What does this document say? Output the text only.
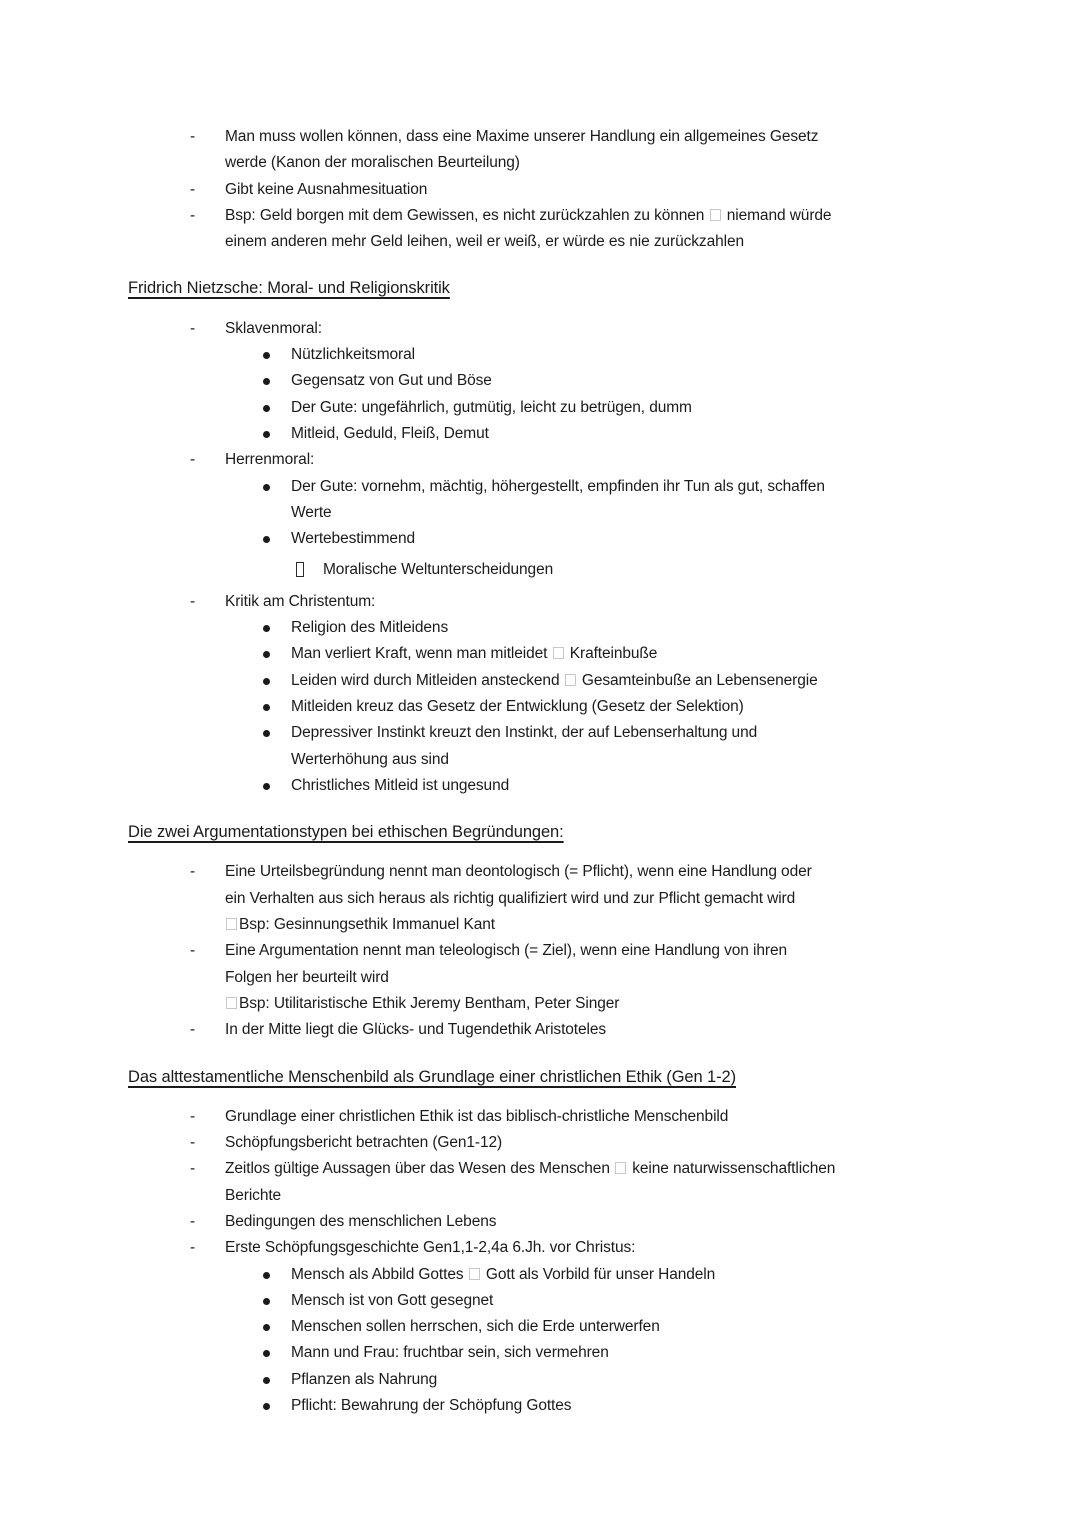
- Man muss wollen können, dass eine Maxime unserer Handlung ein allgemeines Gesetz
werde (Kanon der moralischen Beurteilung)
- Gibt keine Ausnahmesituation
- Bsp: Geld borgen mit dem Gewissen, es nicht zurückzahlen zu können  niemand würde
einem anderen mehr Geld leihen, weil er weiß, er würde es nie zurückzahlen
Fridrich Nietzsche: Moral- und Religionskritik
- Sklavenmoral:
Nützlichkeitsmoral
Gegensatz von Gut und Böse
Der Gute: ungefährlich, gutmütig, leicht zu betrügen, dumm
Mitleid, Geduld, Fleiß, Demut
- Herrenmoral:
Der Gute: vornehm, mächtig, höhergestellt, empfinden ihr Tun als gut, schaffen
Werte
Wertebestimmend
Moralische Weltunterscheidungen
- Kritik am Christentum:
Religion des Mitleidens
Man verliert Kraft, wenn man mitleidet  Krafteinbuße
Leiden wird durch Mitleiden ansteckend  Gesamteinbuße an Lebensenergie
Mitleiden kreuz das Gesetz der Entwicklung (Gesetz der Selektion)
Depressiver Instinkt kreuzt den Instinkt, der auf Lebenserhaltung und
Werterhöhung aus sind
Christliches Mitleid ist ungesund
Die zwei Argumentationstypen bei ethischen Begründungen:
- Eine Urteilsbegründung nennt man deontologisch (= Pflicht), wenn eine Handlung oder
ein Verhalten aus sich heraus als richtig qualifiziert wird und zur Pflicht gemacht wird
Bsp: Gesinnungsethik Immanuel Kant
- Eine Argumentation nennt man teleologisch (= Ziel), wenn eine Handlung von ihren
Folgen her beurteilt wird
Bsp: Utilitaristische Ethik Jeremy Bentham, Peter Singer
- In der Mitte liegt die Glücks- und Tugendethik Aristoteles
Das alttestamentliche Menschenbild als Grundlage einer christlichen Ethik (Gen 1-2)
- Grundlage einer christlichen Ethik ist das biblisch-christliche Menschenbild
- Schöpfungsbericht betrachten (Gen1-12)
- Zeitlos gültige Aussagen über das Wesen des Menschen  keine naturwissenschaftlichen
Berichte
- Bedingungen des menschlichen Lebens
- Erste Schöpfungsgeschichte Gen1,1-2,4a 6.Jh. vor Christus:
Mensch als Abbild Gottes  Gott als Vorbild für unser Handeln
Mensch ist von Gott gesegnet
Menschen sollen herrschen, sich die Erde unterwerfen
Mann und Frau: fruchtbar sein, sich vermehren
Pflanzen als Nahrung
Pflicht: Bewahrung der Schöpfung Gottes
